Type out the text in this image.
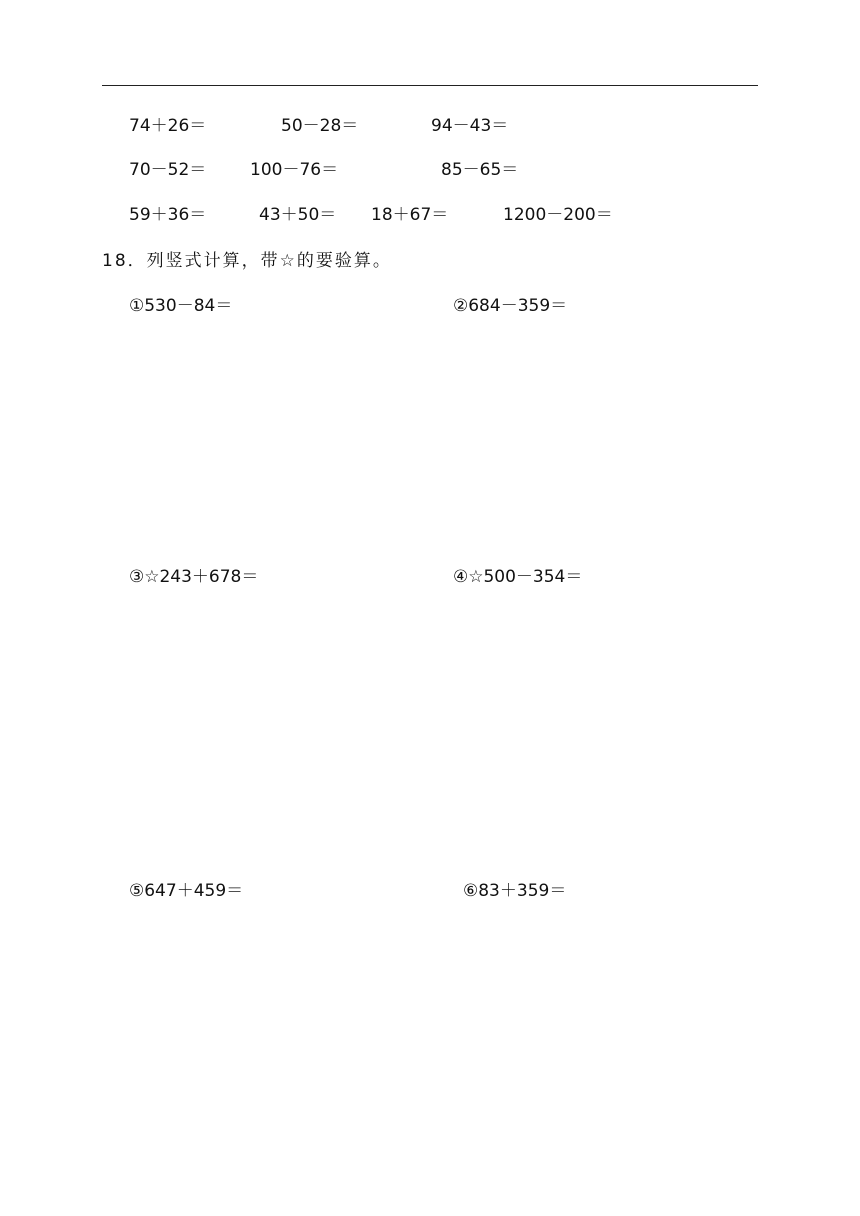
74＋26＝	50－28＝	94－43＝
70－52＝	100－76＝	85－65＝
59＋36＝	43＋50＝ 18＋67＝	1200－200＝
18．列竖式计算，带☆的要验算。
①530－84＝	②684－359＝
③☆243＋678＝	④☆500－354＝
⑤647＋459＝	⑥83＋359＝
